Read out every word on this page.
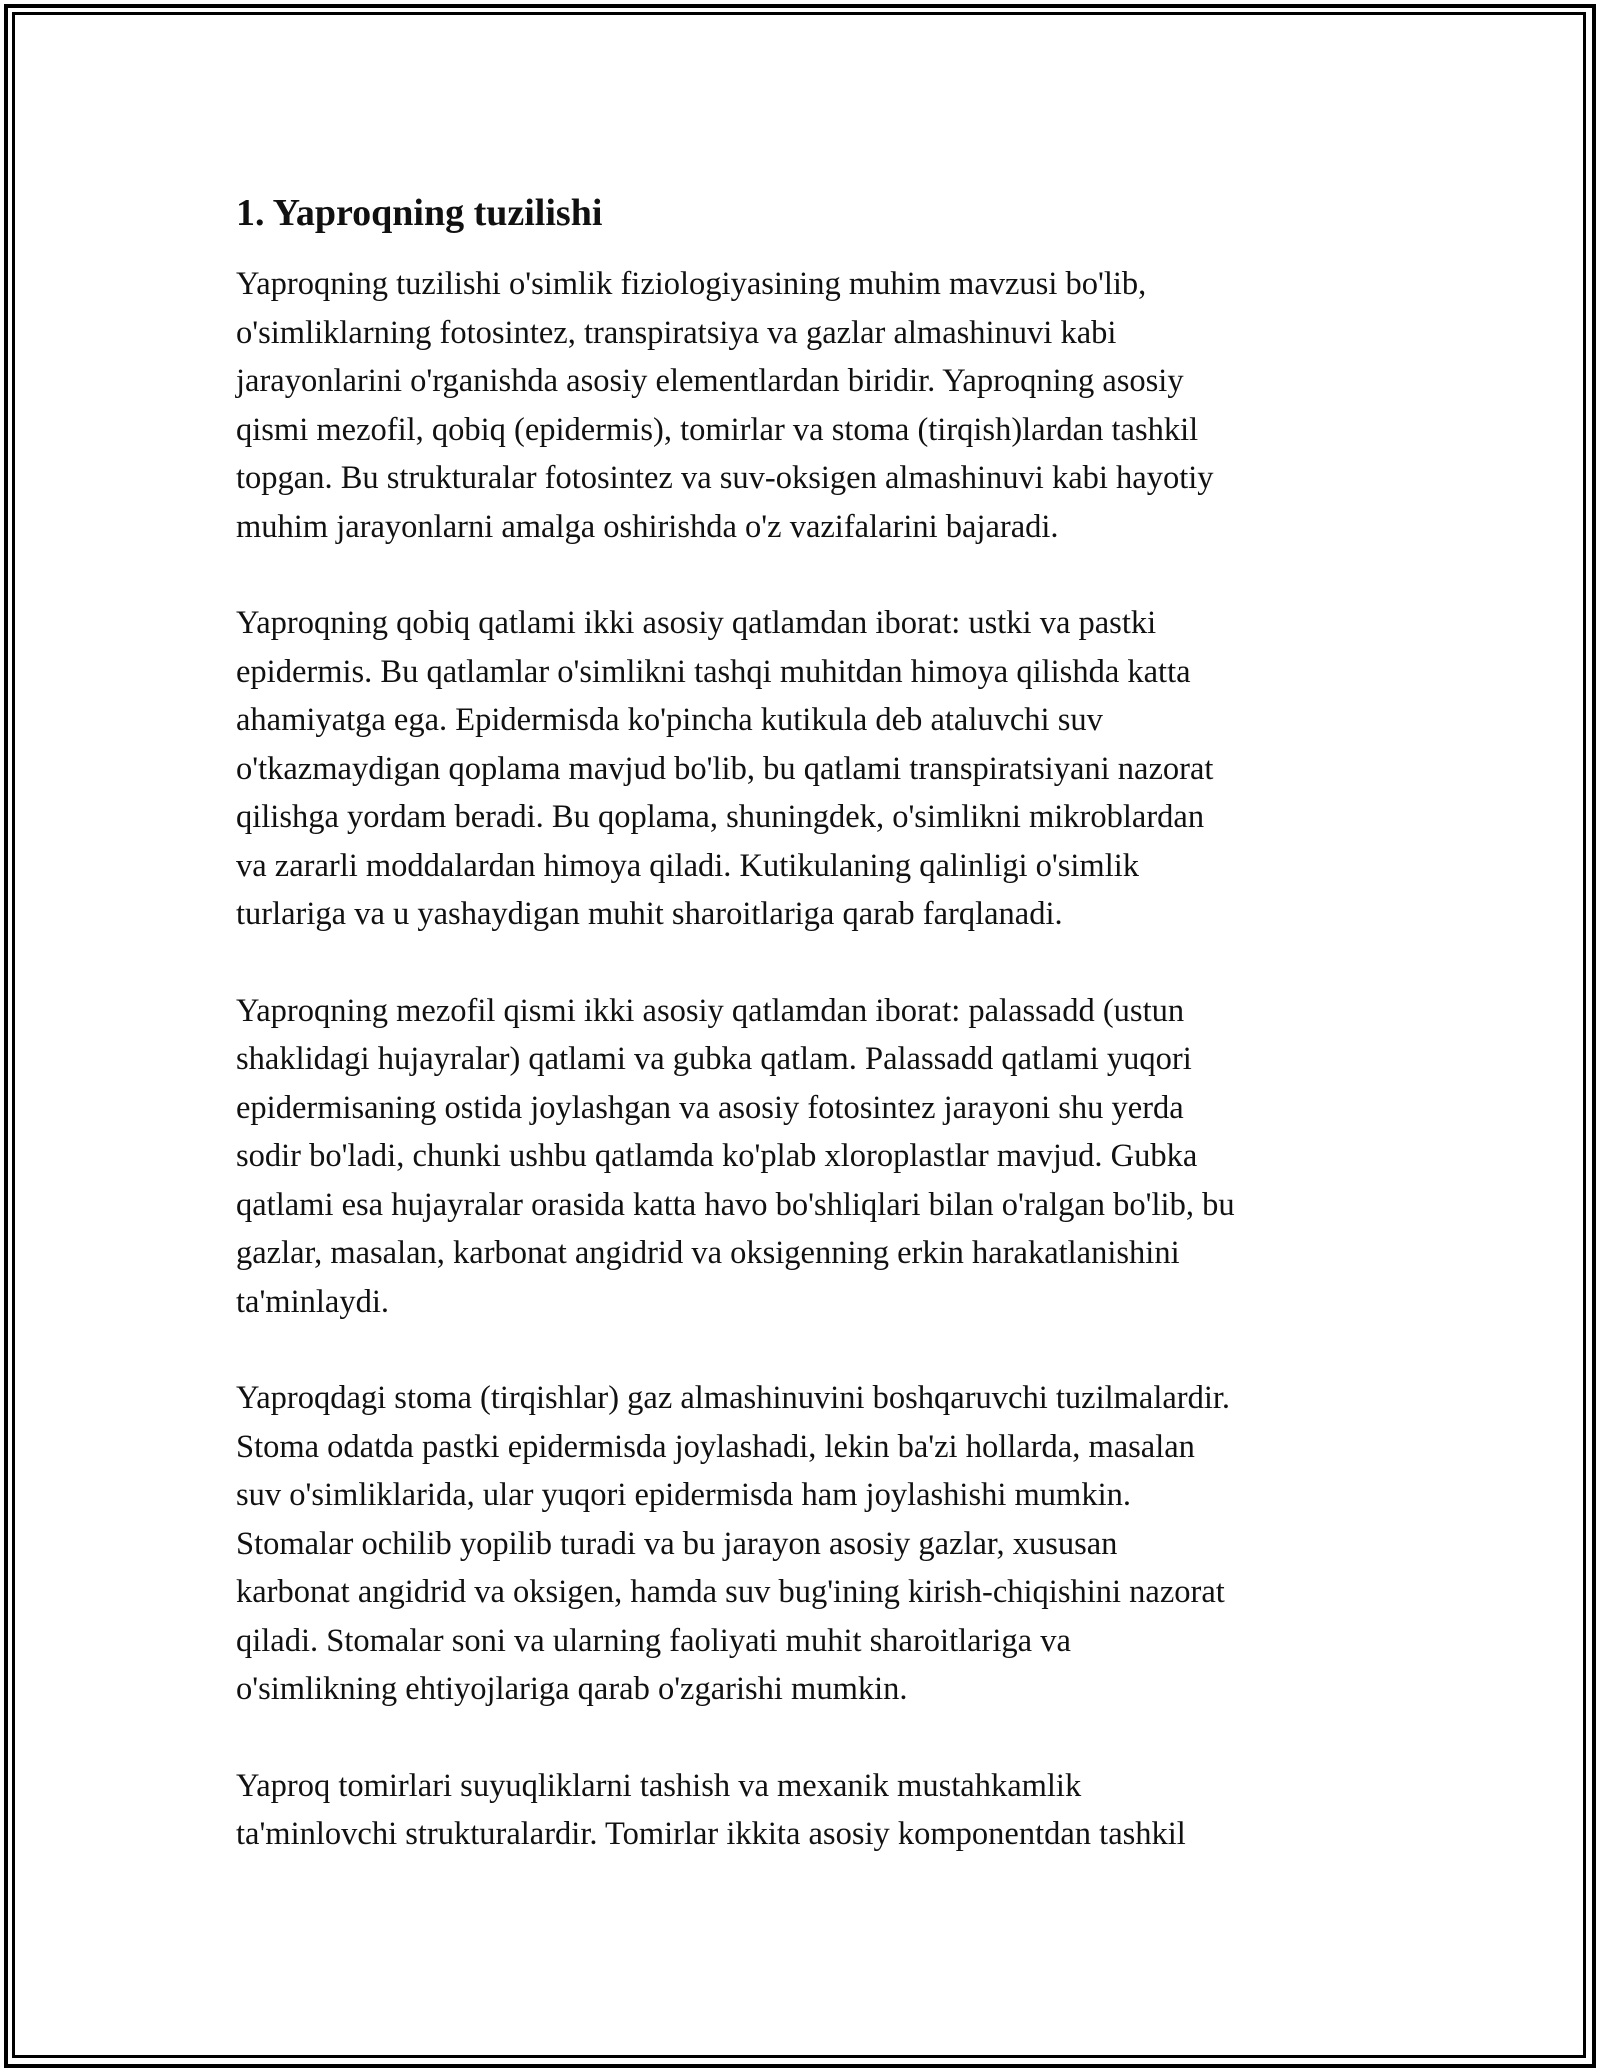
1. Yaproqning tuzilishi

Yaproqning tuzilishi o'simlik fiziologiyasining muhim mavzusi bo'lib,
o'simliklarning fotosintez, transpiratsiya va gazlar almashinuvi kabi
jarayonlarini o'rganishda asosiy elementlardan biridir. Yaproqning asosiy
qismi mezofil, qobiq (epidermis), tomirlar va stoma (tirqish)lardan tashkil
topgan. Bu strukturalar fotosintez va suv-oksigen almashinuvi kabi hayotiy
muhim jarayonlarni amalga oshirishda o'z vazifalarini bajaradi.

Yaproqning qobiq qatlami ikki asosiy qatlamdan iborat: ustki va pastki
epidermis. Bu qatlamlar o'simlikni tashqi muhitdan himoya qilishda katta
ahamiyatga ega. Epidermisda ko'pincha kutikula deb ataluvchi suv
o'tkazmaydigan qoplama mavjud bo'lib, bu qatlami transpiratsiyani nazorat
qilishga yordam beradi. Bu qoplama, shuningdek, o'simlikni mikroblardan
va zararli moddalardan himoya qiladi. Kutikulaning qalinligi o'simlik
turlariga va u yashaydigan muhit sharoitlariga qarab farqlanadi.

Yaproqning mezofil qismi ikki asosiy qatlamdan iborat: palassadd (ustun
shaklidagi hujayralar) qatlami va gubka qatlam. Palassadd qatlami yuqori
epidermisaning ostida joylashgan va asosiy fotosintez jarayoni shu yerda
sodir bo'ladi, chunki ushbu qatlamda ko'plab xloroplastlar mavjud. Gubka
qatlami esa hujayralar orasida katta havo bo'shliqlari bilan o'ralgan bo'lib, bu
gazlar, masalan, karbonat angidrid va oksigenning erkin harakatlanishini
ta'minlaydi.

Yaproqdagi stoma (tirqishlar) gaz almashinuvini boshqaruvchi tuzilmalardir.
Stoma odatda pastki epidermisda joylashadi, lekin ba'zi hollarda, masalan
suv o'simliklarida, ular yuqori epidermisda ham joylashishi mumkin.
Stomalar ochilib yopilib turadi va bu jarayon asosiy gazlar, xususan
karbonat angidrid va oksigen, hamda suv bug'ining kirish-chiqishini nazorat
qiladi. Stomalar soni va ularning faoliyati muhit sharoitlariga va
o'simlikning ehtiyojlariga qarab o'zgarishi mumkin.

Yaproq tomirlari suyuqliklarni tashish va mexanik mustahkamlik
ta'minlovchi strukturalardir. Tomirlar ikkita asosiy komponentdan tashkil
